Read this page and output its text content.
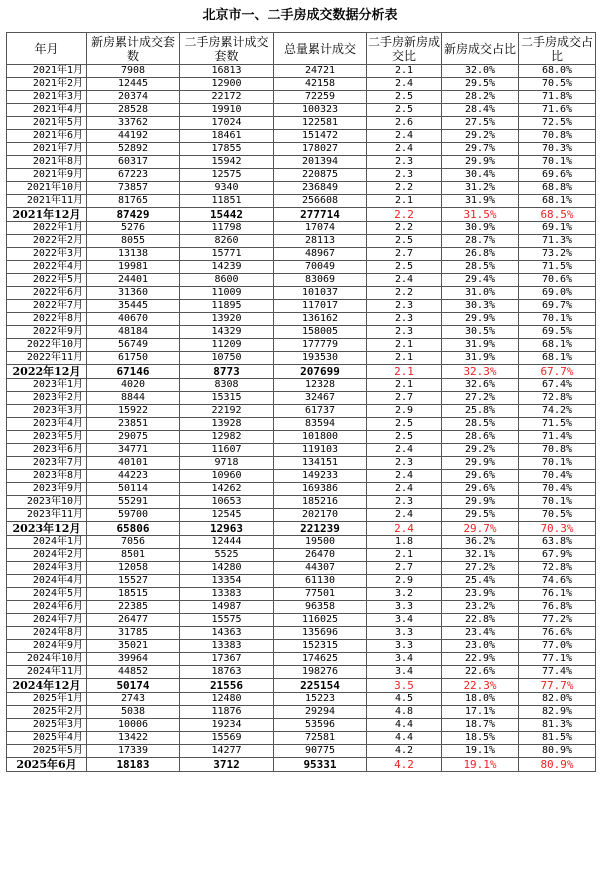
北京市一、二手房成交数据分析表
年月	新房累计成交套数	二手房累计成交套数	总量累计成交	二手房新房成交比	新房成交占比	二手房成交占比
2021年1月	7908	16813	24721	2.1	32.0%	68.0%
2021年2月	12445	12900	42158	2.4	29.5%	70.5%
2021年3月	20374	22172	72259	2.5	28.2%	71.8%
2021年4月	28528	19910	100323	2.5	28.4%	71.6%
2021年5月	33762	17024	122581	2.6	27.5%	72.5%
2021年6月	44192	18461	151472	2.4	29.2%	70.8%
2021年7月	52892	17855	178027	2.4	29.7%	70.3%
2021年8月	60317	15942	201394	2.3	29.9%	70.1%
2021年9月	67223	12575	220875	2.3	30.4%	69.6%
2021年10月	73857	9340	236849	2.2	31.2%	68.8%
2021年11月	81765	11851	256608	2.1	31.9%	68.1%
2021年12月	87429	15442	277714	2.2	31.5%	68.5%
2022年1月	5276	11798	17074	2.2	30.9%	69.1%
2022年2月	8055	8260	28113	2.5	28.7%	71.3%
2022年3月	13138	15771	48967	2.7	26.8%	73.2%
2022年4月	19981	14239	70049	2.5	28.5%	71.5%
2022年5月	24401	8600	83069	2.4	29.4%	70.6%
2022年6月	31360	11009	101037	2.2	31.0%	69.0%
2022年7月	35445	11895	117017	2.3	30.3%	69.7%
2022年8月	40670	13920	136162	2.3	29.9%	70.1%
2022年9月	48184	14329	158005	2.3	30.5%	69.5%
2022年10月	56749	11209	177779	2.1	31.9%	68.1%
2022年11月	61750	10750	193530	2.1	31.9%	68.1%
2022年12月	67146	8773	207699	2.1	32.3%	67.7%
2023年1月	4020	8308	12328	2.1	32.6%	67.4%
2023年2月	8844	15315	32467	2.7	27.2%	72.8%
2023年3月	15922	22192	61737	2.9	25.8%	74.2%
2023年4月	23851	13928	83594	2.5	28.5%	71.5%
2023年5月	29075	12982	101800	2.5	28.6%	71.4%
2023年6月	34771	11607	119103	2.4	29.2%	70.8%
2023年7月	40101	9718	134151	2.3	29.9%	70.1%
2023年8月	44223	10960	149233	2.4	29.6%	70.4%
2023年9月	50114	14262	169386	2.4	29.6%	70.4%
2023年10月	55291	10653	185216	2.3	29.9%	70.1%
2023年11月	59700	12545	202170	2.4	29.5%	70.5%
2023年12月	65806	12963	221239	2.4	29.7%	70.3%
2024年1月	7056	12444	19500	1.8	36.2%	63.8%
2024年2月	8501	5525	26470	2.1	32.1%	67.9%
2024年3月	12058	14280	44307	2.7	27.2%	72.8%
2024年4月	15527	13354	61130	2.9	25.4%	74.6%
2024年5月	18515	13383	77501	3.2	23.9%	76.1%
2024年6月	22385	14987	96358	3.3	23.2%	76.8%
2024年7月	26477	15575	116025	3.4	22.8%	77.2%
2024年8月	31785	14363	135696	3.3	23.4%	76.6%
2024年9月	35021	13383	152315	3.3	23.0%	77.0%
2024年10月	39964	17367	174625	3.4	22.9%	77.1%
2024年11月	44852	18763	198276	3.4	22.6%	77.4%
2024年12月	50174	21556	225154	3.5	22.3%	77.7%
2025年1月	2743	12480	15223	4.5	18.0%	82.0%
2025年2月	5038	11876	29294	4.8	17.1%	82.9%
2025年3月	10006	19234	53596	4.4	18.7%	81.3%
2025年4月	13422	15569	72581	4.4	18.5%	81.5%
2025年5月	17339	14277	90775	4.2	19.1%	80.9%
2025年6月	18183	3712	95331	4.2	19.1%	80.9%
